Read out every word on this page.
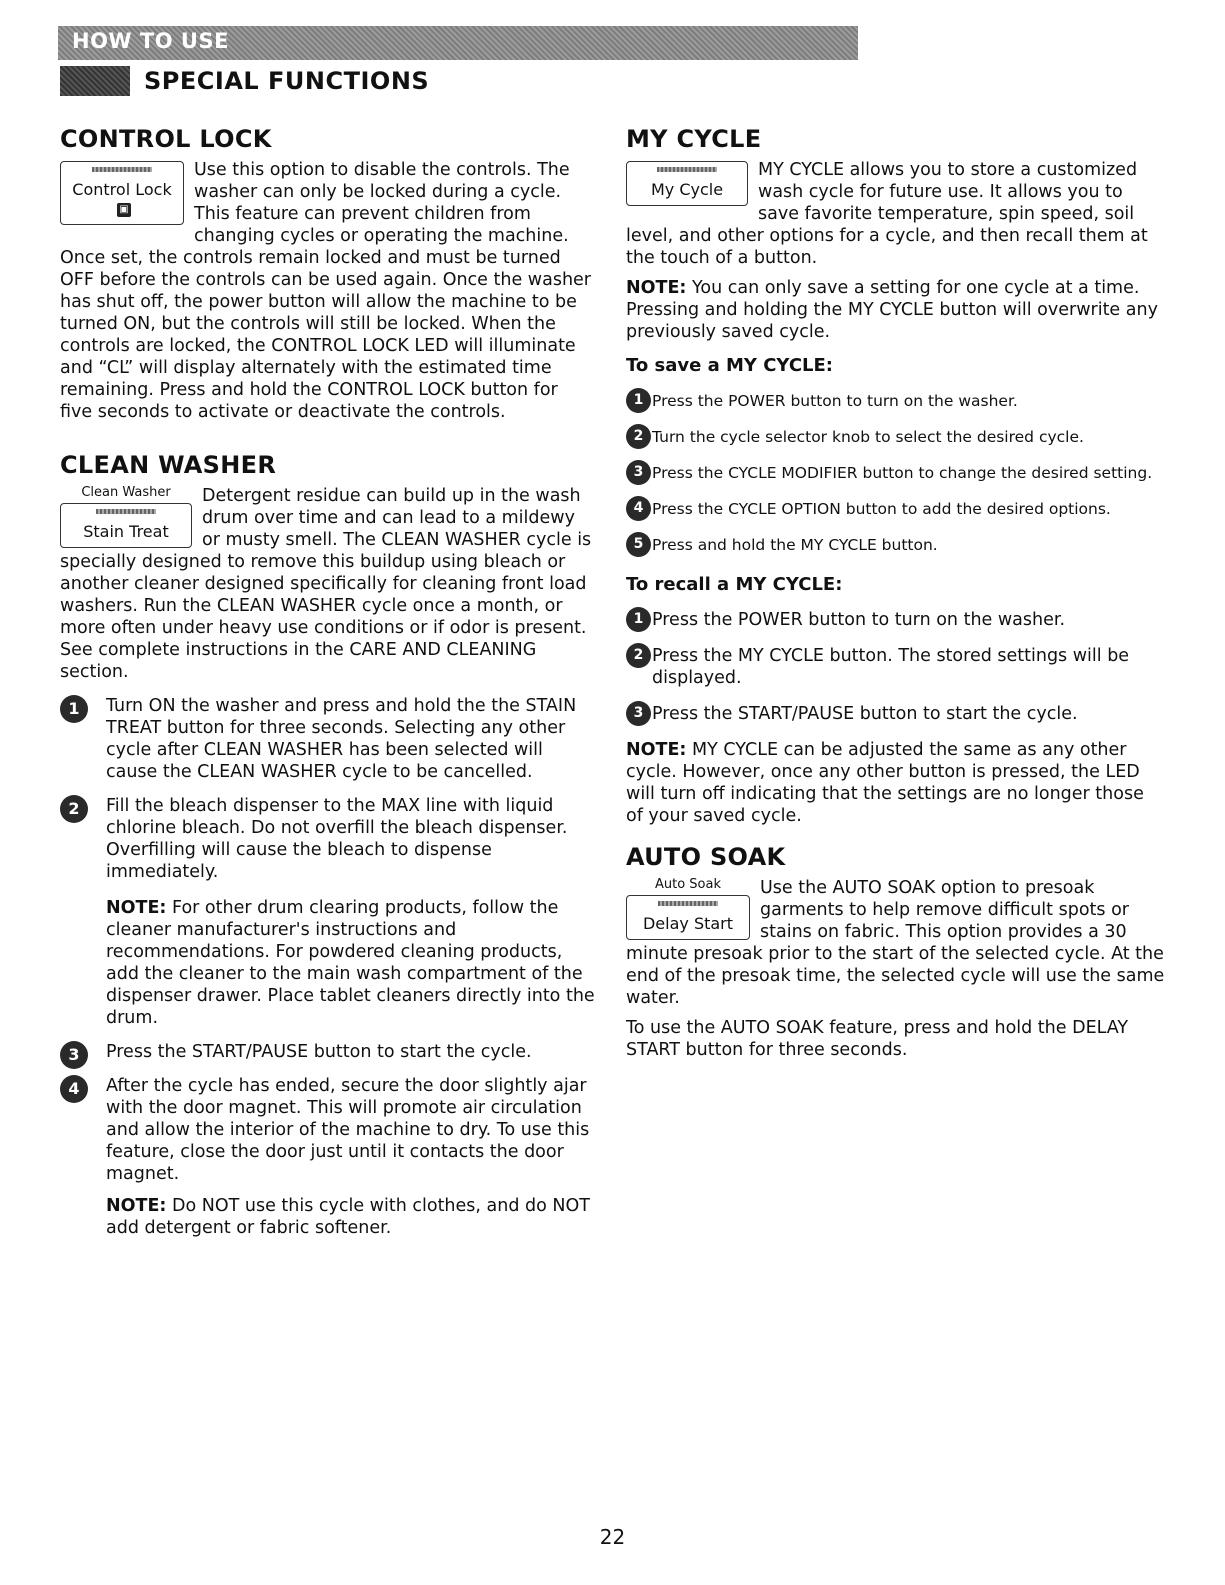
HOW TO USE
SPECIAL FUNCTIONS
CONTROL LOCK
Control Lock▣

Use this option to disable the controls. The washer can only be locked during a cycle. This feature can prevent children from changing cycles or operating the machine. Once set, the controls remain locked and must be turned OFF before the controls can be used again. Once the washer has shut off, the power button will allow the machine to be turned ON, but the controls will still be locked. When the controls are locked, the CONTROL LOCK LED will illuminate and “CL” will display alternately with the estimated time remaining. Press and hold the CONTROL LOCK button for five seconds to activate or deactivate the controls.

CLEAN WASHER
Clean Washer
Stain Treat

Detergent residue can build up in the wash drum over time and can lead to a mildewy or musty smell. The CLEAN WASHER cycle is specially designed to remove this buildup using bleach or another cleaner designed specifically for cleaning front load washers. Run the CLEAN WASHER cycle once a month, or more often under heavy use conditions or if odor is present. See complete instructions in the CARE AND CLEANING section.

1	Turn ON the washer and press and hold the the STAIN TREAT button for three seconds. Selecting any other cycle after CLEAN WASHER has been selected will cause the CLEAN WASHER cycle to be cancelled.

2	Fill the bleach dispenser to the MAX line with liquid chlorine bleach. Do not overfill the bleach dispenser. Overfilling will cause the bleach to dispense immediately.

NOTE: For other drum clearing products, follow the cleaner manufacturer's instructions and recommendations. For powdered cleaning products, add the cleaner to the main wash compartment of the dispenser drawer. Place tablet cleaners directly into the drum.

3	Press the START/PAUSE button to start the cycle.

4	After the cycle has ended, secure the door slightly ajar with the door magnet. This will promote air circulation and allow the interior of the machine to dry. To use this feature, close the door just until it contacts the door magnet.

NOTE: Do NOT use this cycle with clothes, and do NOT add detergent or fabric softener.

MY CYCLE
My Cycle

MY CYCLE allows you to store a customized wash cycle for future use. It allows you to save favorite temperature, spin speed, soil level, and other options for a cycle, and then recall them at the touch of a button.

NOTE: You can only save a setting for one cycle at a time. Pressing and holding the MY CYCLE button will overwrite any previously saved cycle.

To save a MY CYCLE:
1 Press the POWER button to turn on the washer.
2 Turn the cycle selector knob to select the desired cycle.
3 Press the CYCLE MODIFIER button to change the desired setting.
4 Press the CYCLE OPTION button to add the desired options.
5 Press and hold the MY CYCLE button.
To recall a MY CYCLE:
1 Press the POWER button to turn on the washer.
2 Press the MY CYCLE button. The stored settings will be displayed.
3 Press the START/PAUSE button to start the cycle.

NOTE: MY CYCLE can be adjusted the same as any other cycle. However, once any other button is pressed, the LED will turn off indicating that the settings are no longer those of your saved cycle.

AUTO SOAK
Auto Soak
Delay Start

Use the AUTO SOAK option to presoak garments to help remove difficult spots or stains on fabric. This option provides a 30 minute presoak prior to the start of the selected cycle. At the end of the presoak time, the selected cycle will use the same water.

To use the AUTO SOAK feature, press and hold the DELAY START button for three seconds.

22
